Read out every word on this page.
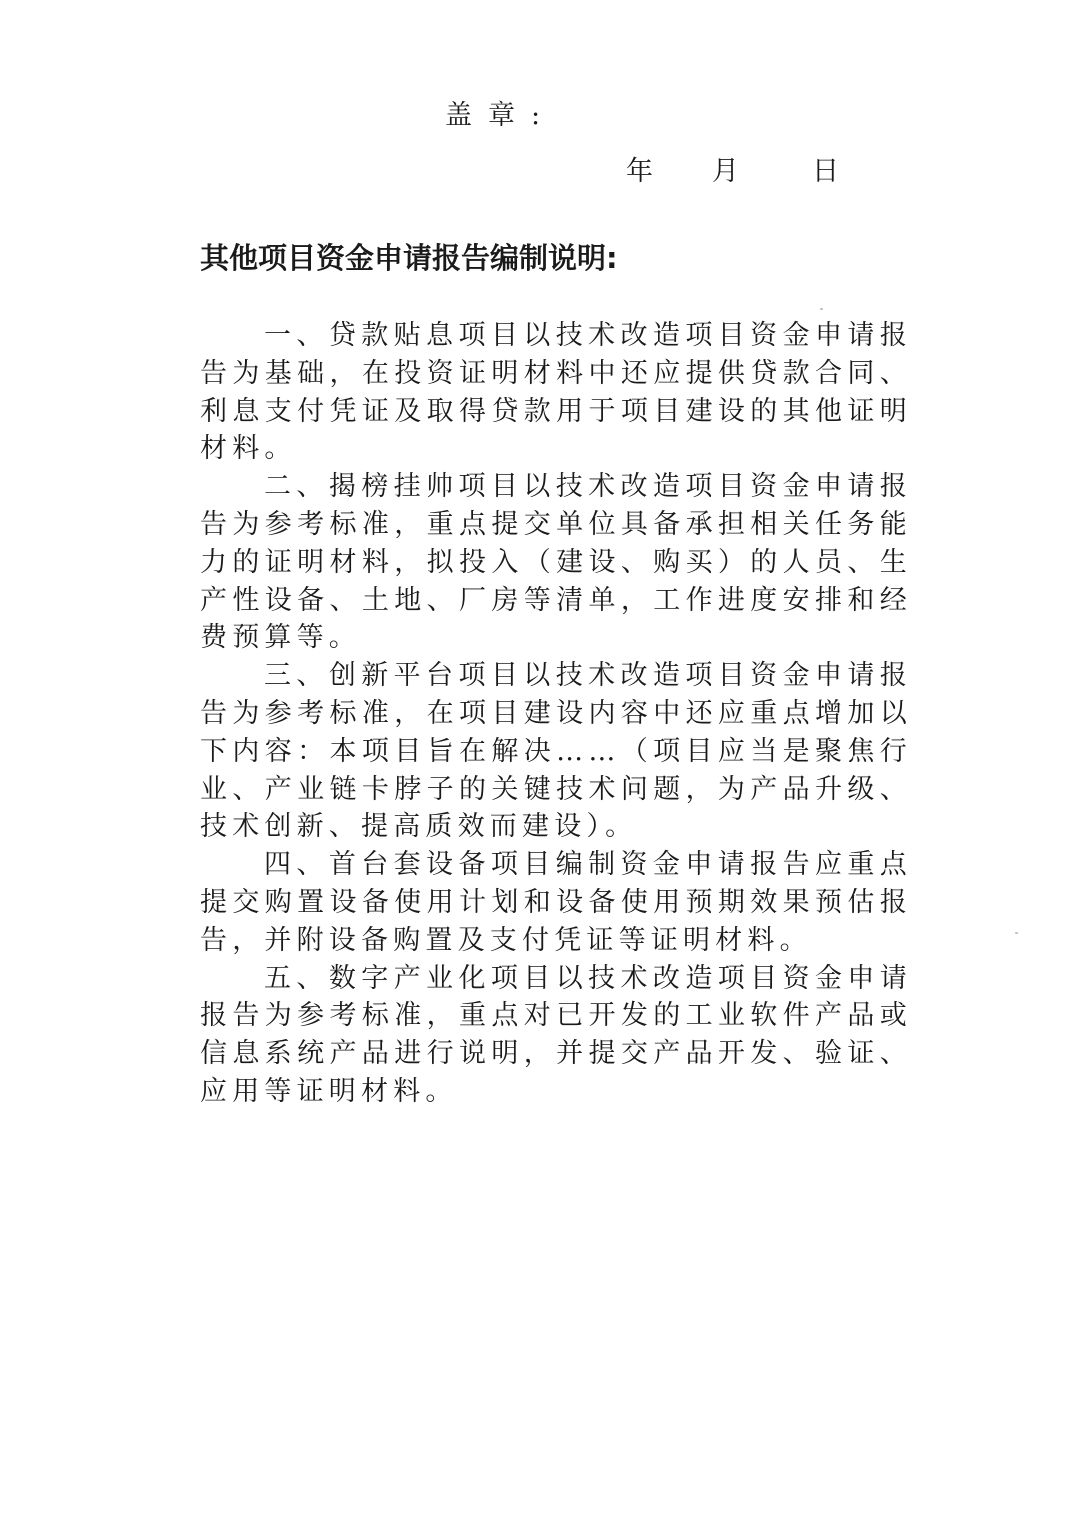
盖章:
年 月	日
其他项目资金申请报告编制说明:

一、贷款贴息项目以技术改造项目资金申请报告为基础，在投资证明材料中还应提供贷款合同、利息支付凭证及取得贷款用于项目建设的其他证明材料。

二、揭榜挂帅项目以技术改造项目资金申请报告为参考标准，重点提交单位具备承担相关任务能力的证明材料，拟投入（建设、购买）的人员、生产性设备、土地、厂房等清单，工作进度安排和经费预算等。

三、创新平台项目以技术改造项目资金申请报告为参考标准，在项目建设内容中还应重点增加以下内容：本项目旨在解决……（项目应当是聚焦行业、产业链卡脖子的关键技术问题，为产品升级、技术创新、提高质效而建设）。

四、首台套设备项目编制资金申请报告应重点提交购置设备使用计划和设备使用预期效果预估报告，并附设备购置及支付凭证等证明材料。

五、数字产业化项目以技术改造项目资金申请报告为参考标准，重点对已开发的工业软件产品或信息系统产品进行说明，并提交产品开发、验证、应用等证明材料。
